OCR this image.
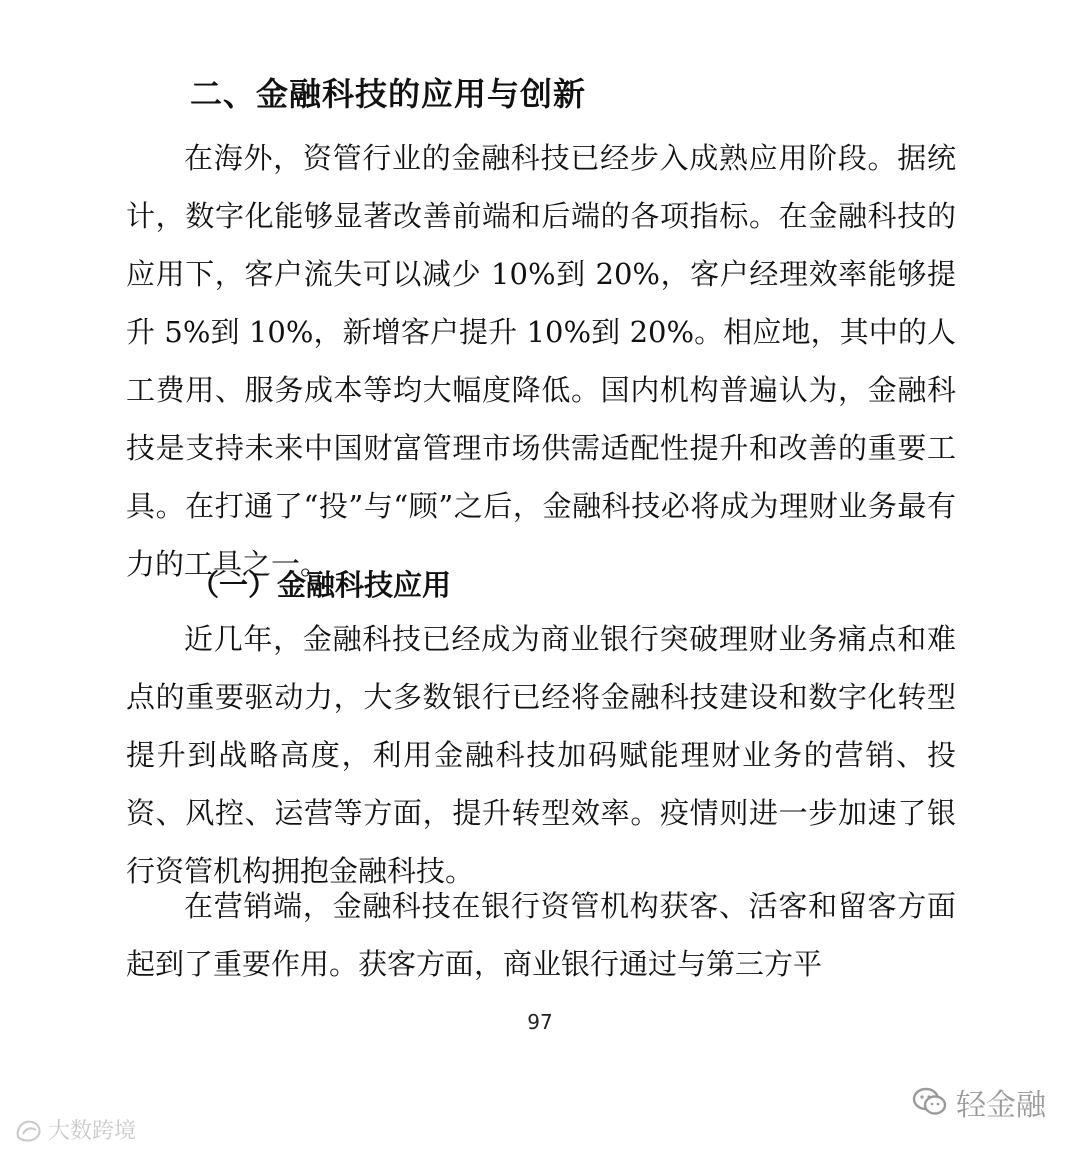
二、金融科技的应用与创新

在海外，资管行业的金融科技已经步入成熟应用阶段。据统计，数字化能够显著改善前端和后端的各项指标。在金融科技的应用下，客户流失可以减少 10%到 20%，客户经理效率能够提升 5%到 10%，新增客户提升 10%到 20%。相应地，其中的人工费用、服务成本等均大幅度降低。国内机构普遍认为，金融科技是支持未来中国财富管理市场供需适配性提升和改善的重要工具。在打通了“投”与“顾”之后，金融科技必将成为理财业务最有力的工具之一。

（一）金融科技应用

近几年，金融科技已经成为商业银行突破理财业务痛点和难点的重要驱动力，大多数银行已经将金融科技建设和数字化转型提升到战略高度，利用金融科技加码赋能理财业务的营销、投资、风控、运营等方面，提升转型效率。疫情则进一步加速了银行资管机构拥抱金融科技。

在营销端，金融科技在银行资管机构获客、活客和留客方面起到了重要作用。获客方面，商业银行通过与第三方平

97
轻金融
大数跨境
